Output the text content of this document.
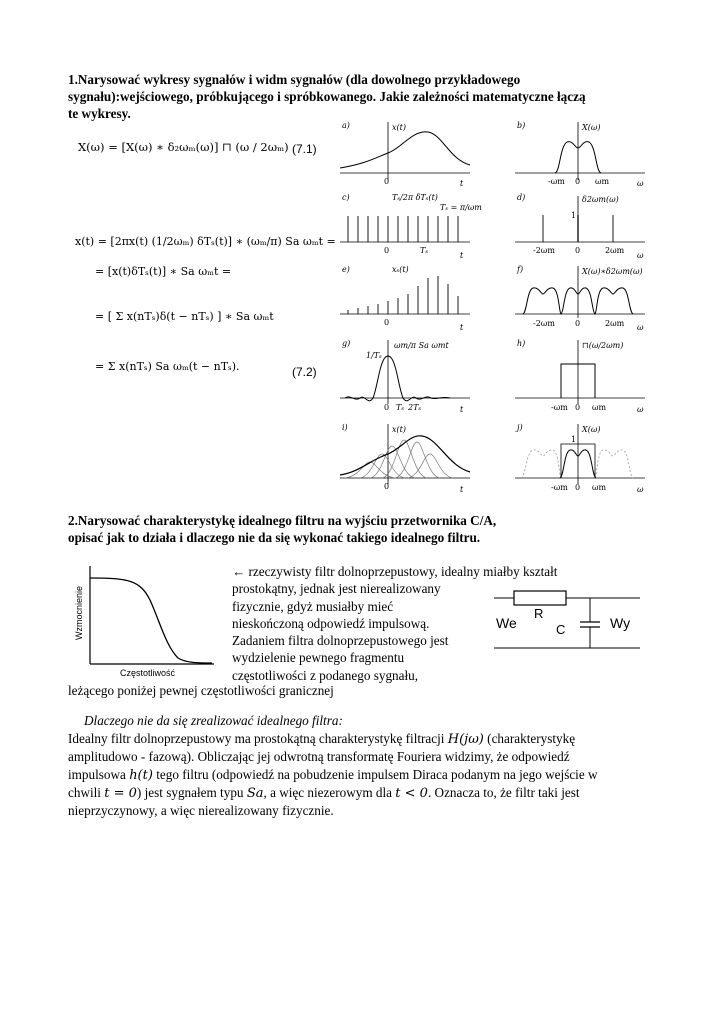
1.Narysować wykresy sygnałów i widm sygnałów (dla dowolnego przykładowego
sygnału):wejściowego, próbkującego i spróbkowanego. Jakie zależności matematyczne łączą
te wykresy.
X(ω) = [X(ω) ∗ δ₂ωₘ(ω)] ⊓ (ω / 2ωₘ) (7.1)
x(t) = [2πx(t) (1/2ωₘ) δTₛ(t)] ∗ (ωₘ/π) Sa ωₘt =
= [x(t)δTₛ(t)] ∗ Sa ωₘt =
= [ Σ x(nTₛ)δ(t − nTₛ) ] ∗ Sa ωₘt
= Σ x(nTₛ) Sa ωₘ(t − nTₛ).	(7.2)
a)	x(t)
0	t
b)	X(ω)
-ωm 0 ωm	ω
c)	Tₛ/2π δTₛ(t)
Tₛ = π/ωm
0	Tₛ
t
d)	δ2ωm(ω)
1
-2ωm	0	2ωm
ω
e)	xₛ(t)
0
t
f)	X(ω)∗δ2ωm(ω)
-2ωm	0	2ωm ω
g)	ωm/π Sa ωmt
1/Tₛ
0 Tₛ 2Tₛ	t
h)	⊓(ω/2ωm)
-ωm 0 ωm	ω
i)	x(t)
0	t
j)	X(ω)
1
-ωm 0 ωm	ω
2.Narysować charakterystykę idealnego filtru na wyjściu przetwornika C/A,
opisać jak to działa i dlaczego nie da się wykonać takiego idealnego filtru.
Wzmocnienie
Częstotliwość
← rzeczywisty filtr dolnoprzepustowy, idealny miałby kształt
prostokątny, jednak jest nierealizowany
fizycznie, gdyż musiałby mieć
nieskończoną odpowiedź impulsową.
Zadaniem filtra dolnoprzepustowego jest
wydzielenie pewnego fragmentu
częstotliwości z podanego sygnału,
leżącego poniżej pewnej częstotliwości granicznej
R
C
We	Wy
Dlaczego nie da się zrealizować idealnego filtra:
Idealny filtr dolnoprzepustowy ma prostokątną charakterystykę filtracji H(jω) (charakterystykę
amplitudowo - fazową). Obliczając jej odwrotną transformatę Fouriera widzimy, że odpowiedź
impulsowa h(t) tego filtru (odpowiedź na pobudzenie impulsem Diraca podanym na jego wejście w
chwili t = 0) jest sygnałem typu Sa, a więc niezerowym dla t < 0. Oznacza to, że filtr taki jest
nieprzyczynowy, a więc nierealizowany fizycznie.
